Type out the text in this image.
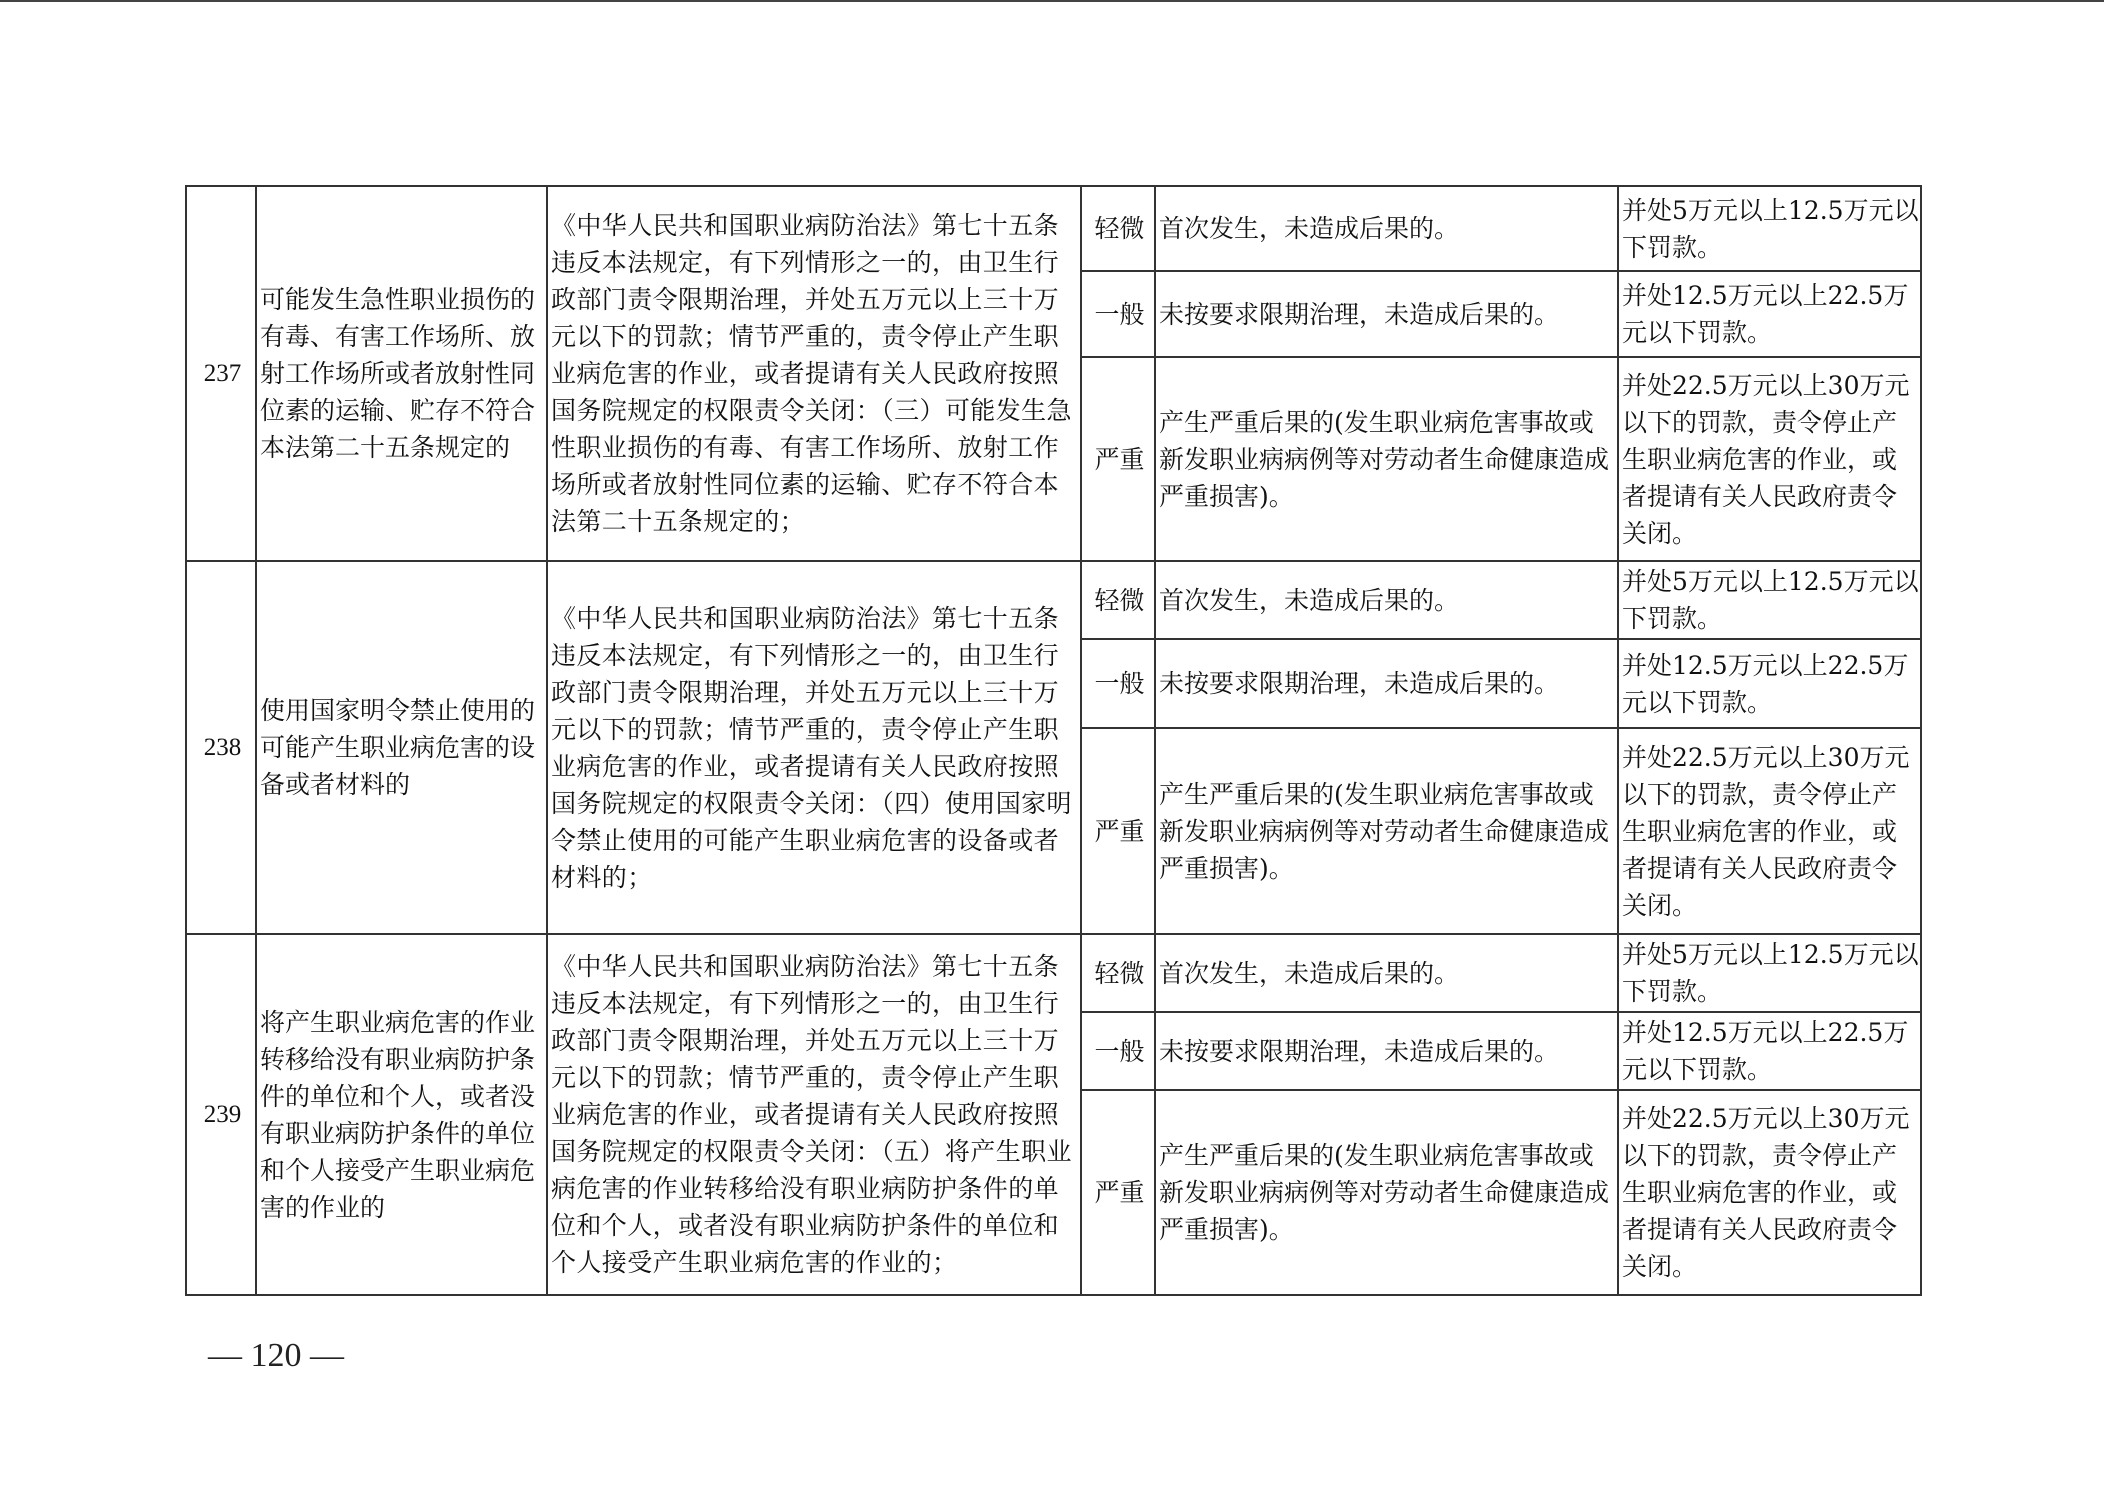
237	可能发生急性职业损伤的有毒、有害工作场所、放射工作场所或者放射性同位素的运输、贮存不符合本法第二十五条规定的	《中华人民共和国职业病防治法》第七十五条违反本法规定，有下列情形之一的，由卫生行政部门责令限期治理，并处五万元以上三十万元以下的罚款；情节严重的，责令停止产生职业病危害的作业，或者提请有关人民政府按照国务院规定的权限责令关闭：（三）可能发生急性职业损伤的有毒、有害工作场所、放射工作场所或者放射性同位素的运输、贮存不符合本法第二十五条规定的；	轻微	首次发生，未造成后果的。	并处5万元以上12.5万元以下罚款。
			一般	未按要求限期治理，未造成后果的。	并处12.5万元以上22.5万元以下罚款。
			严重	产生严重后果的(发生职业病危害事故或新发职业病病例等对劳动者生命健康造成严重损害)。	并处22.5万元以上30万元以下的罚款，责令停止产生职业病危害的作业，或者提请有关人民政府责令关闭。
238	使用国家明令禁止使用的可能产生职业病危害的设备或者材料的	《中华人民共和国职业病防治法》第七十五条违反本法规定，有下列情形之一的，由卫生行政部门责令限期治理，并处五万元以上三十万元以下的罚款；情节严重的，责令停止产生职业病危害的作业，或者提请有关人民政府按照国务院规定的权限责令关闭：（四）使用国家明令禁止使用的可能产生职业病危害的设备或者材料的；	轻微	首次发生，未造成后果的。	并处5万元以上12.5万元以下罚款。
			一般	未按要求限期治理，未造成后果的。	并处12.5万元以上22.5万元以下罚款。
			严重	产生严重后果的(发生职业病危害事故或新发职业病病例等对劳动者生命健康造成严重损害)。	并处22.5万元以上30万元以下的罚款，责令停止产生职业病危害的作业，或者提请有关人民政府责令关闭。
239	将产生职业病危害的作业转移给没有职业病防护条件的单位和个人，或者没有职业病防护条件的单位和个人接受产生职业病危害的作业的	《中华人民共和国职业病防治法》第七十五条违反本法规定，有下列情形之一的，由卫生行政部门责令限期治理，并处五万元以上三十万元以下的罚款；情节严重的，责令停止产生职业病危害的作业，或者提请有关人民政府按照国务院规定的权限责令关闭：（五）将产生职业病危害的作业转移给没有职业病防护条件的单位和个人，或者没有职业病防护条件的单位和个人接受产生职业病危害的作业的；	轻微	首次发生，未造成后果的。	并处5万元以上12.5万元以下罚款。
			一般	未按要求限期治理，未造成后果的。	并处12.5万元以上22.5万元以下罚款。
			严重	产生严重后果的(发生职业病危害事故或新发职业病病例等对劳动者生命健康造成严重损害)。	并处22.5万元以上30万元以下的罚款，责令停止产生职业病危害的作业，或者提请有关人民政府责令关闭。
— 120 —
